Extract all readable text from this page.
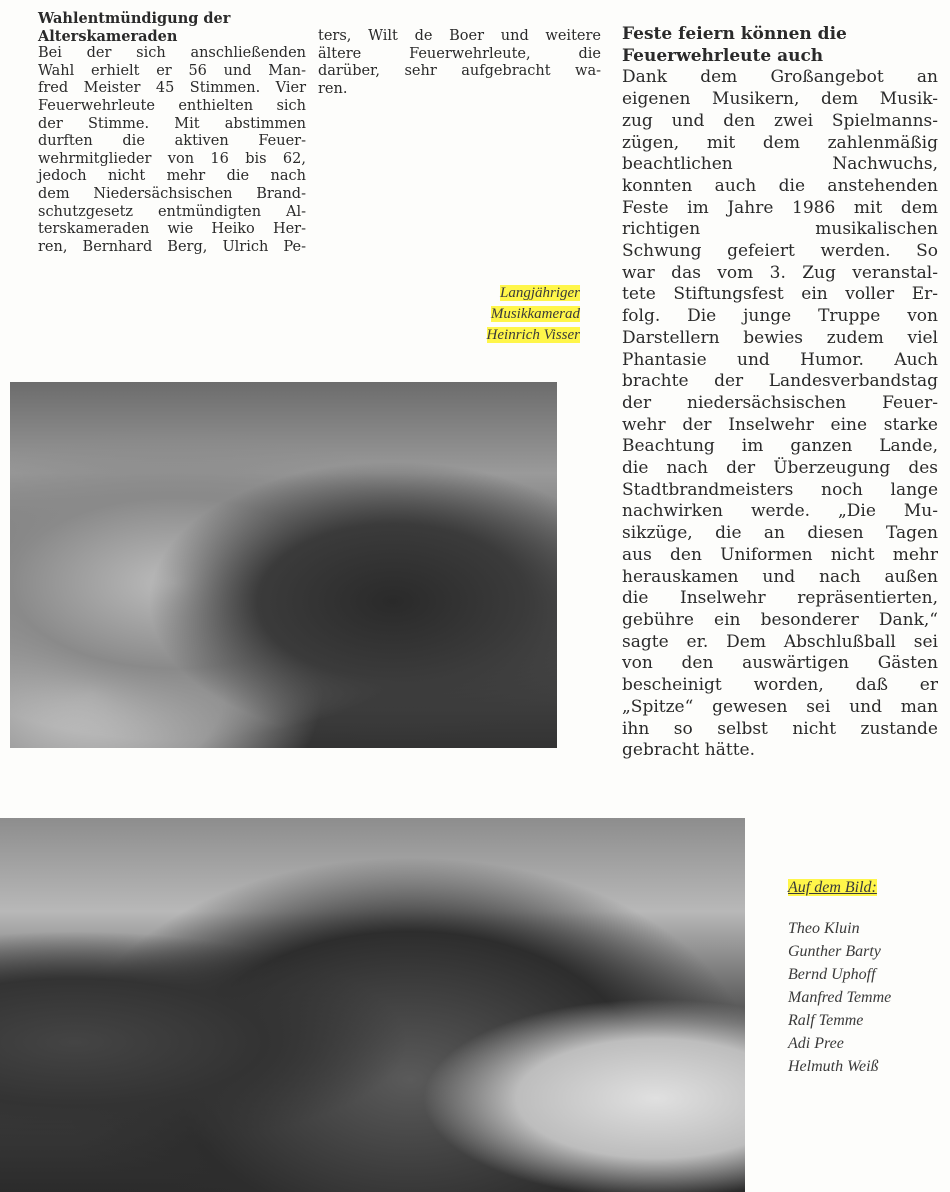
Wahlentmündigung der
Alterskameraden
Bei der sich anschließenden
Wahl erhielt er 56 und Man-
fred Meister 45 Stimmen. Vier
Feuerwehrleute enthielten sich
der Stimme. Mit abstimmen
durften die aktiven Feuer-
wehrmitglieder von 16 bis 62,
jedoch nicht mehr die nach
dem Niedersächsischen Brand-
schutzgesetz entmündigten Al-
terskameraden wie Heiko Her-
ren, Bernhard Berg, Ulrich Pe-
ters, Wilt de Boer und weitere
ältere Feuerwehrleute, die
darüber, sehr aufgebracht wa-
ren.
Feste feiern können die
Feuerwehrleute auch
Dank dem Großangebot an
eigenen Musikern, dem Musik-
zug und den zwei Spielmanns-
zügen, mit dem zahlenmäßig
beachtlichen Nachwuchs,
konnten auch die anstehenden
Feste im Jahre 1986 mit dem
richtigen musikalischen
Schwung gefeiert werden. So
war das vom 3. Zug veranstal-
tete Stiftungsfest ein voller Er-
folg. Die junge Truppe von
Darstellern bewies zudem viel
Phantasie und Humor. Auch
brachte der Landesverbandstag
der niedersächsischen Feuer-
wehr der Inselwehr eine starke
Beachtung im ganzen Lande,
die nach der Überzeugung des
Stadtbrandmeisters noch lange
nachwirken werde. „Die Mu-
sikzüge, die an diesen Tagen
aus den Uniformen nicht mehr
herauskamen und nach außen
die Inselwehr repräsentierten,
gebühre ein besonderer Dank,“
sagte er. Dem Abschlußball sei
von den auswärtigen Gästen
bescheinigt worden, daß er
„Spitze“ gewesen sei und man
ihn so selbst nicht zustande
gebracht hätte.
Langjähriger
Musikkamerad
Heinrich Visser
Auf dem Bild:
Theo Kluin
Gunther Barty
Bernd Uphoff
Manfred Temme
Ralf Temme
Adi Pree
Helmuth Weiß
